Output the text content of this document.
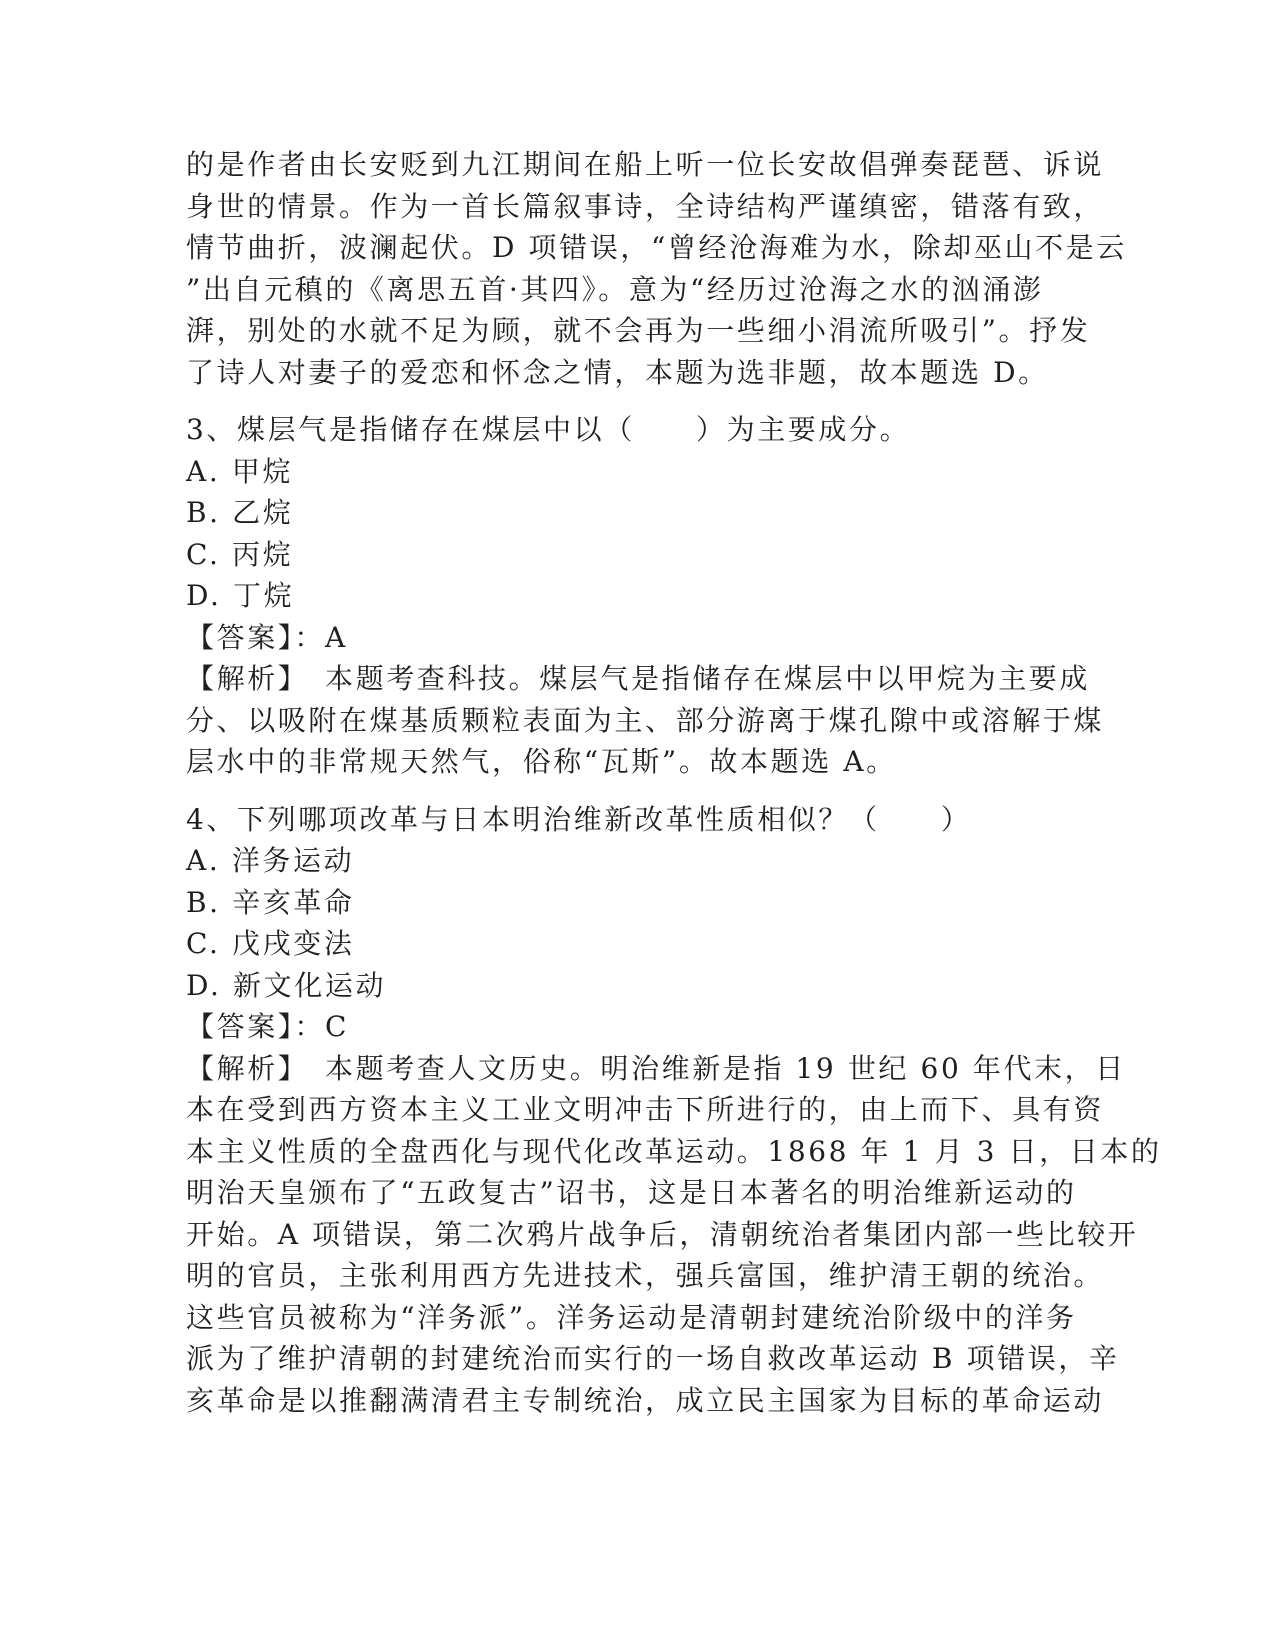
的是作者由长安贬到九江期间在船上听一位长安故倡弹奏琵琶、诉说
身世的情景。作为一首长篇叙事诗，全诗结构严谨缜密，错落有致，
情节曲折，波澜起伏。D 项错误，“曾经沧海难为水，除却巫山不是云
”出自元稹的《离思五首·其四》。意为“经历过沧海之水的汹涌澎
湃，别处的水就不足为顾，就不会再为一些细小涓流所吸引”。抒发
了诗人对妻子的爱恋和怀念之情，本题为选非题，故本题选 D。
3、煤层气是指储存在煤层中以（　　）为主要成分。
A. 甲烷
B. 乙烷
C. 丙烷
D. 丁烷
【答案】：A
【解析】　本题考查科技。煤层气是指储存在煤层中以甲烷为主要成
分、以吸附在煤基质颗粒表面为主、部分游离于煤孔隙中或溶解于煤
层水中的非常规天然气，俗称“瓦斯”。故本题选 A。
4、下列哪项改革与日本明治维新改革性质相似？（　　）
A. 洋务运动
B. 辛亥革命
C. 戊戌变法
D. 新文化运动
【答案】：C
【解析】　本题考查人文历史。明治维新是指 19 世纪 60 年代末，日
本在受到西方资本主义工业文明冲击下所进行的，由上而下、具有资
本主义性质的全盘西化与现代化改革运动。1868 年 1 月 3 日，日本的
明治天皇颁布了“五政复古”诏书，这是日本著名的明治维新运动的
开始。A 项错误，第二次鸦片战争后，清朝统治者集团内部一些比较开
明的官员，主张利用西方先进技术，强兵富国，维护清王朝的统治。
这些官员被称为“洋务派”。洋务运动是清朝封建统治阶级中的洋务
派为了维护清朝的封建统治而实行的一场自救改革运动 B 项错误，辛
亥革命是以推翻满清君主专制统治，成立民主国家为目标的革命运动
